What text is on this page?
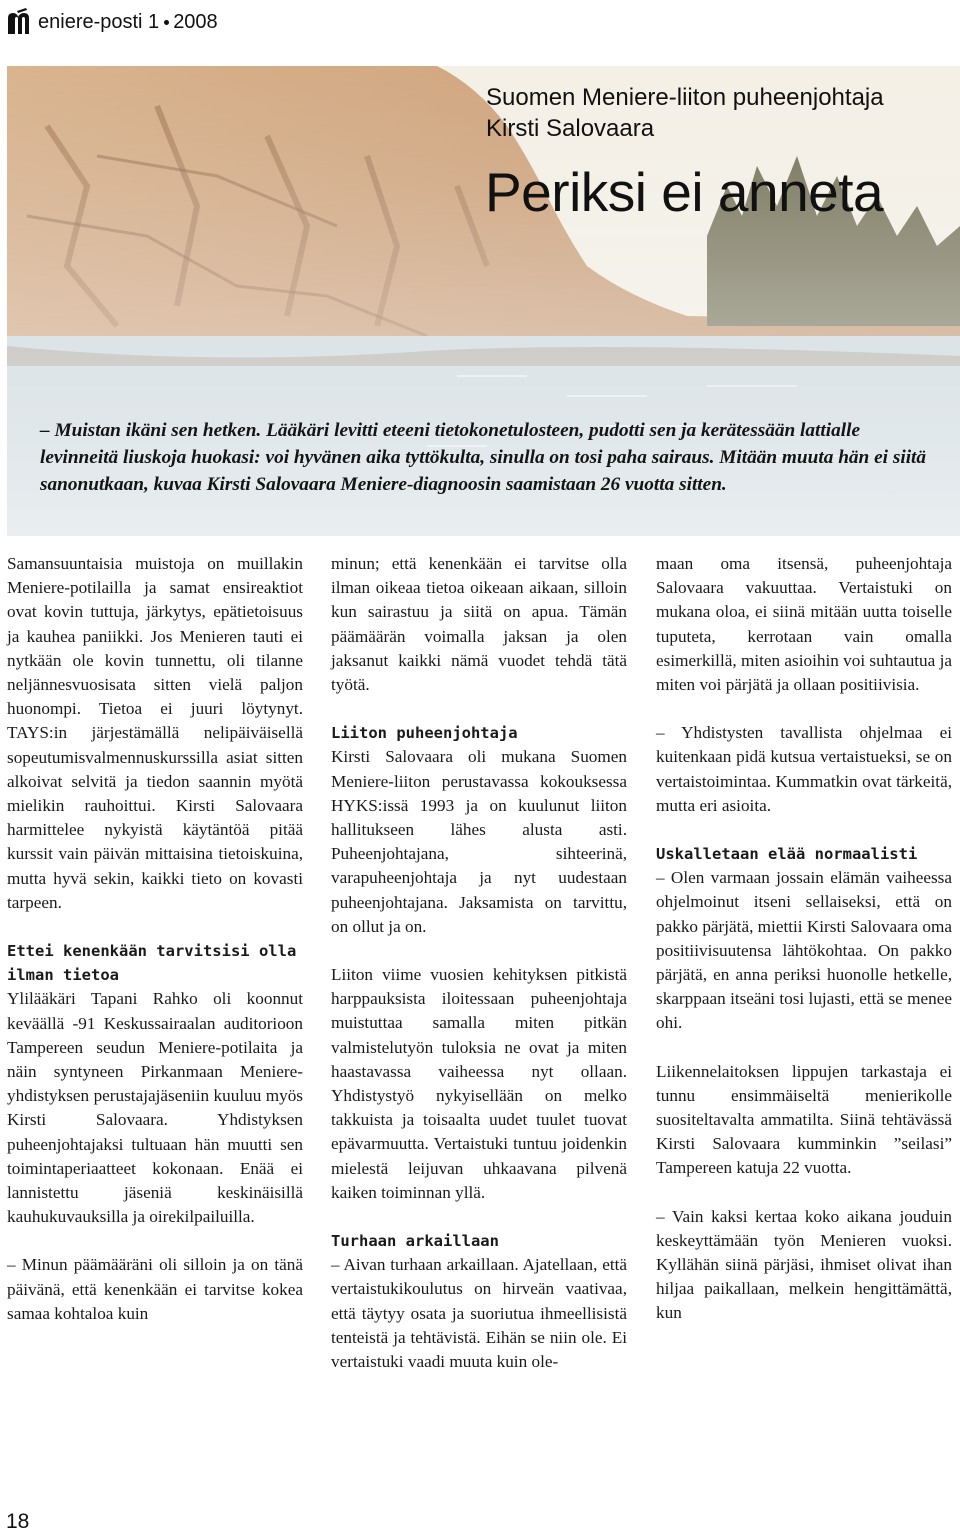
eniere-posti 1 2008
Suomen Meniere-liiton puheenjohtaja
Kirsti Salovaara
Periksi ei anneta
– Muistan ikäni sen hetken. Lääkäri levitti eteeni tietokonetulosteen, pudotti sen ja kerätessään lattialle levinneitä liuskoja huokasi: voi hyvänen aika tyttökulta, sinulla on tosi paha sairaus. Mitään muuta hän ei siitä sanonutkaan, kuvaa Kirsti Salovaara Meniere-diagnoosin saamistaan 26 vuotta sitten.

Samansuuntaisia muistoja on muillakin Meniere-potilailla ja samat ensireaktiot ovat kovin tuttuja, järkytys, epätietoisuus ja kauhea paniikki. Jos Menieren tauti ei nytkään ole kovin tunnettu, oli tilanne neljännesvuosisata sitten vielä paljon huonompi. Tietoa ei juuri löytynyt. TAYS:in järjestämällä nelipäiväisellä sopeutumisvalmennuskurssilla asiat sitten alkoivat selvitä ja tiedon saannin myötä mielikin rauhoittui. Kirsti Salovaara harmittelee nykyistä käytäntöä pitää kurssit vain päivän mittaisina tietoiskuina, mutta hyvä sekin, kaikki tieto on kovasti tarpeen.

Ettei kenenkään tarvitsisi olla ilman tietoa

Ylilääkäri Tapani Rahko oli koonnut keväällä -91 Keskussairaalan auditorioon Tampereen seudun Meniere-potilaita ja näin syntyneen Pirkanmaan Meniere-yhdistyksen perustajajäseniin kuuluu myös Kirsti Salovaara. Yhdistyksen puheenjohtajaksi tultuaan hän muutti sen toimintaperiaatteet kokonaan. Enää ei lannistettu jäseniä keskinäisillä kauhukuvauksilla ja oirekilpailuilla.

– Minun päämääräni oli silloin ja on tänä päivänä, että kenenkään ei tarvitse kokea samaa kohtaloa kuin

minun; että kenenkään ei tarvitse olla ilman oikeaa tietoa oikeaan aikaan, silloin kun sairastuu ja siitä on apua. Tämän päämäärän voimalla jaksan ja olen jaksanut kaikki nämä vuodet tehdä tätä työtä.

Liiton puheenjohtaja

Kirsti Salovaara oli mukana Suomen Meniere-liiton perustavassa kokouksessa HYKS:issä 1993 ja on kuulunut liiton hallitukseen lähes alusta asti. Puheenjohtajana, sihteerinä, varapuheenjohtaja ja nyt uudestaan puheenjohtajana. Jaksamista on tarvittu, on ollut ja on.

Liiton viime vuosien kehityksen pitkistä harppauksista iloitessaan puheenjohtaja muistuttaa samalla miten pitkän valmistelutyön tuloksia ne ovat ja miten haastavassa vaiheessa nyt ollaan. Yhdistystyö nykyisellään on melko takkuista ja toisaalta uudet tuulet tuovat epävarmuutta. Vertaistuki tuntuu joidenkin mielestä leijuvan uhkaavana pilvenä kaiken toiminnan yllä.

Turhaan arkaillaan

– Aivan turhaan arkaillaan. Ajatellaan, että vertaistukikoulutus on hirveän vaativaa, että täytyy osata ja suoriutua ihmeellisistä tenteistä ja tehtävistä. Eihän se niin ole. Ei vertaistuki vaadi muuta kuin ole-

maan oma itsensä, puheenjohtaja Salovaara vakuuttaa. Vertaistuki on mukana oloa, ei siinä mitään uutta toiselle tuputeta, kerrotaan vain omalla esimerkillä, miten asioihin voi suhtautua ja miten voi pärjätä ja ollaan positiivisia.

– Yhdistysten tavallista ohjelmaa ei kuitenkaan pidä kutsua vertaistueksi, se on vertaistoimintaa. Kummatkin ovat tärkeitä, mutta eri asioita.

Uskalletaan elää normaalisti

– Olen varmaan jossain elämän vaiheessa ohjelmoinut itseni sellaiseksi, että on pakko pärjätä, miettii Kirsti Salovaara oma positiivisuutensa lähtökohtaa. On pakko pärjätä, en anna periksi huonolle hetkelle, skarppaan itseäni tosi lujasti, että se menee ohi.

Liikennelaitoksen lippujen tarkastaja ei tunnu ensimmäiseltä menierikolle suositeltavalta ammatilta. Siinä tehtävässä Kirsti Salovaara kumminkin ”seilasi” Tampereen katuja 22 vuotta.

– Vain kaksi kertaa koko aikana jouduin keskeyttämään työn Menieren vuoksi. Kyllähän siinä pärjäsi, ihmiset olivat ihan hiljaa paikallaan, melkein hengittämättä, kun

18
